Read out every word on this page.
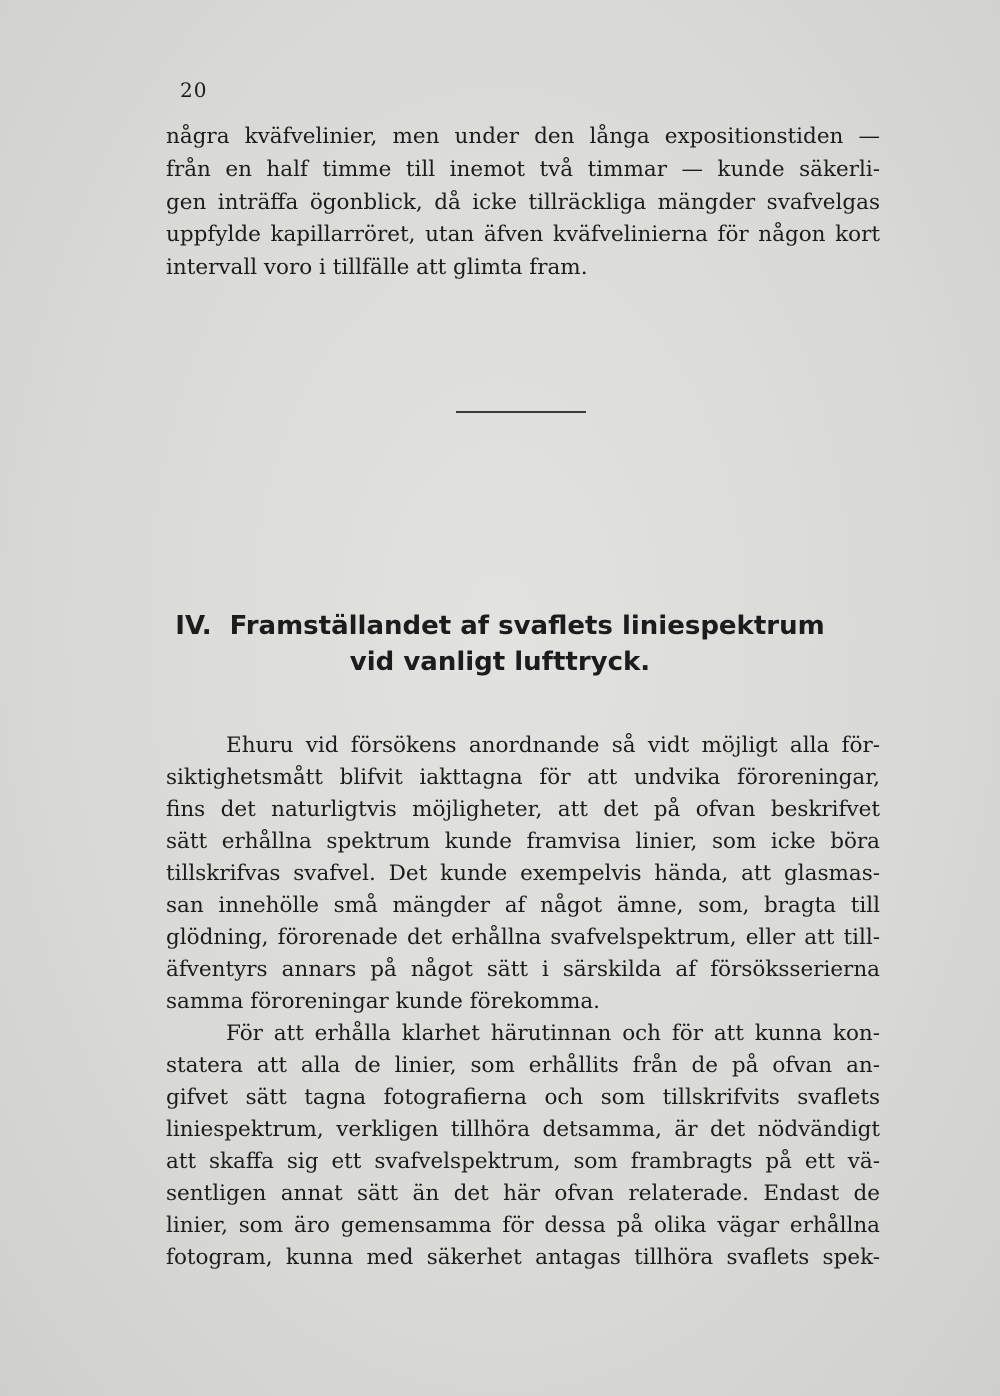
20
några kväfvelinier, men under den långa expositionstiden —
från en half timme till inemot två timmar — kunde säkerli-
gen inträffa ögonblick, då icke tillräckliga mängder svafvelgas
uppfylde kapillarröret, utan äfven kväfvelinierna för någon kort
intervall voro i tillfälle att glimta fram.
IV. Framställandet af svaflets liniespektrum
vid vanligt lufttryck.
Ehuru vid försökens anordnande så vidt möjligt alla för-
siktighetsmått blifvit iakttagna för att undvika föroreningar,
fins det naturligtvis möjligheter, att det på ofvan beskrifvet
sätt erhållna spektrum kunde framvisa linier, som icke böra
tillskrifvas svafvel. Det kunde exempelvis hända, att glasmas-
san innehölle små mängder af något ämne, som, bragta till
glödning, förorenade det erhållna svafvelspektrum, eller att till-
äfventyrs annars på något sätt i särskilda af försöksserierna
samma föroreningar kunde förekomma.
För att erhålla klarhet härutinnan och för att kunna kon-
statera att alla de linier, som erhållits från de på ofvan an-
gifvet sätt tagna fotografierna och som tillskrifvits svaflets
liniespektrum, verkligen tillhöra detsamma, är det nödvändigt
att skaffa sig ett svafvelspektrum, som frambragts på ett vä-
sentligen annat sätt än det här ofvan relaterade. Endast de
linier, som äro gemensamma för dessa på olika vägar erhållna
fotogram, kunna med säkerhet antagas tillhöra svaflets spek-
